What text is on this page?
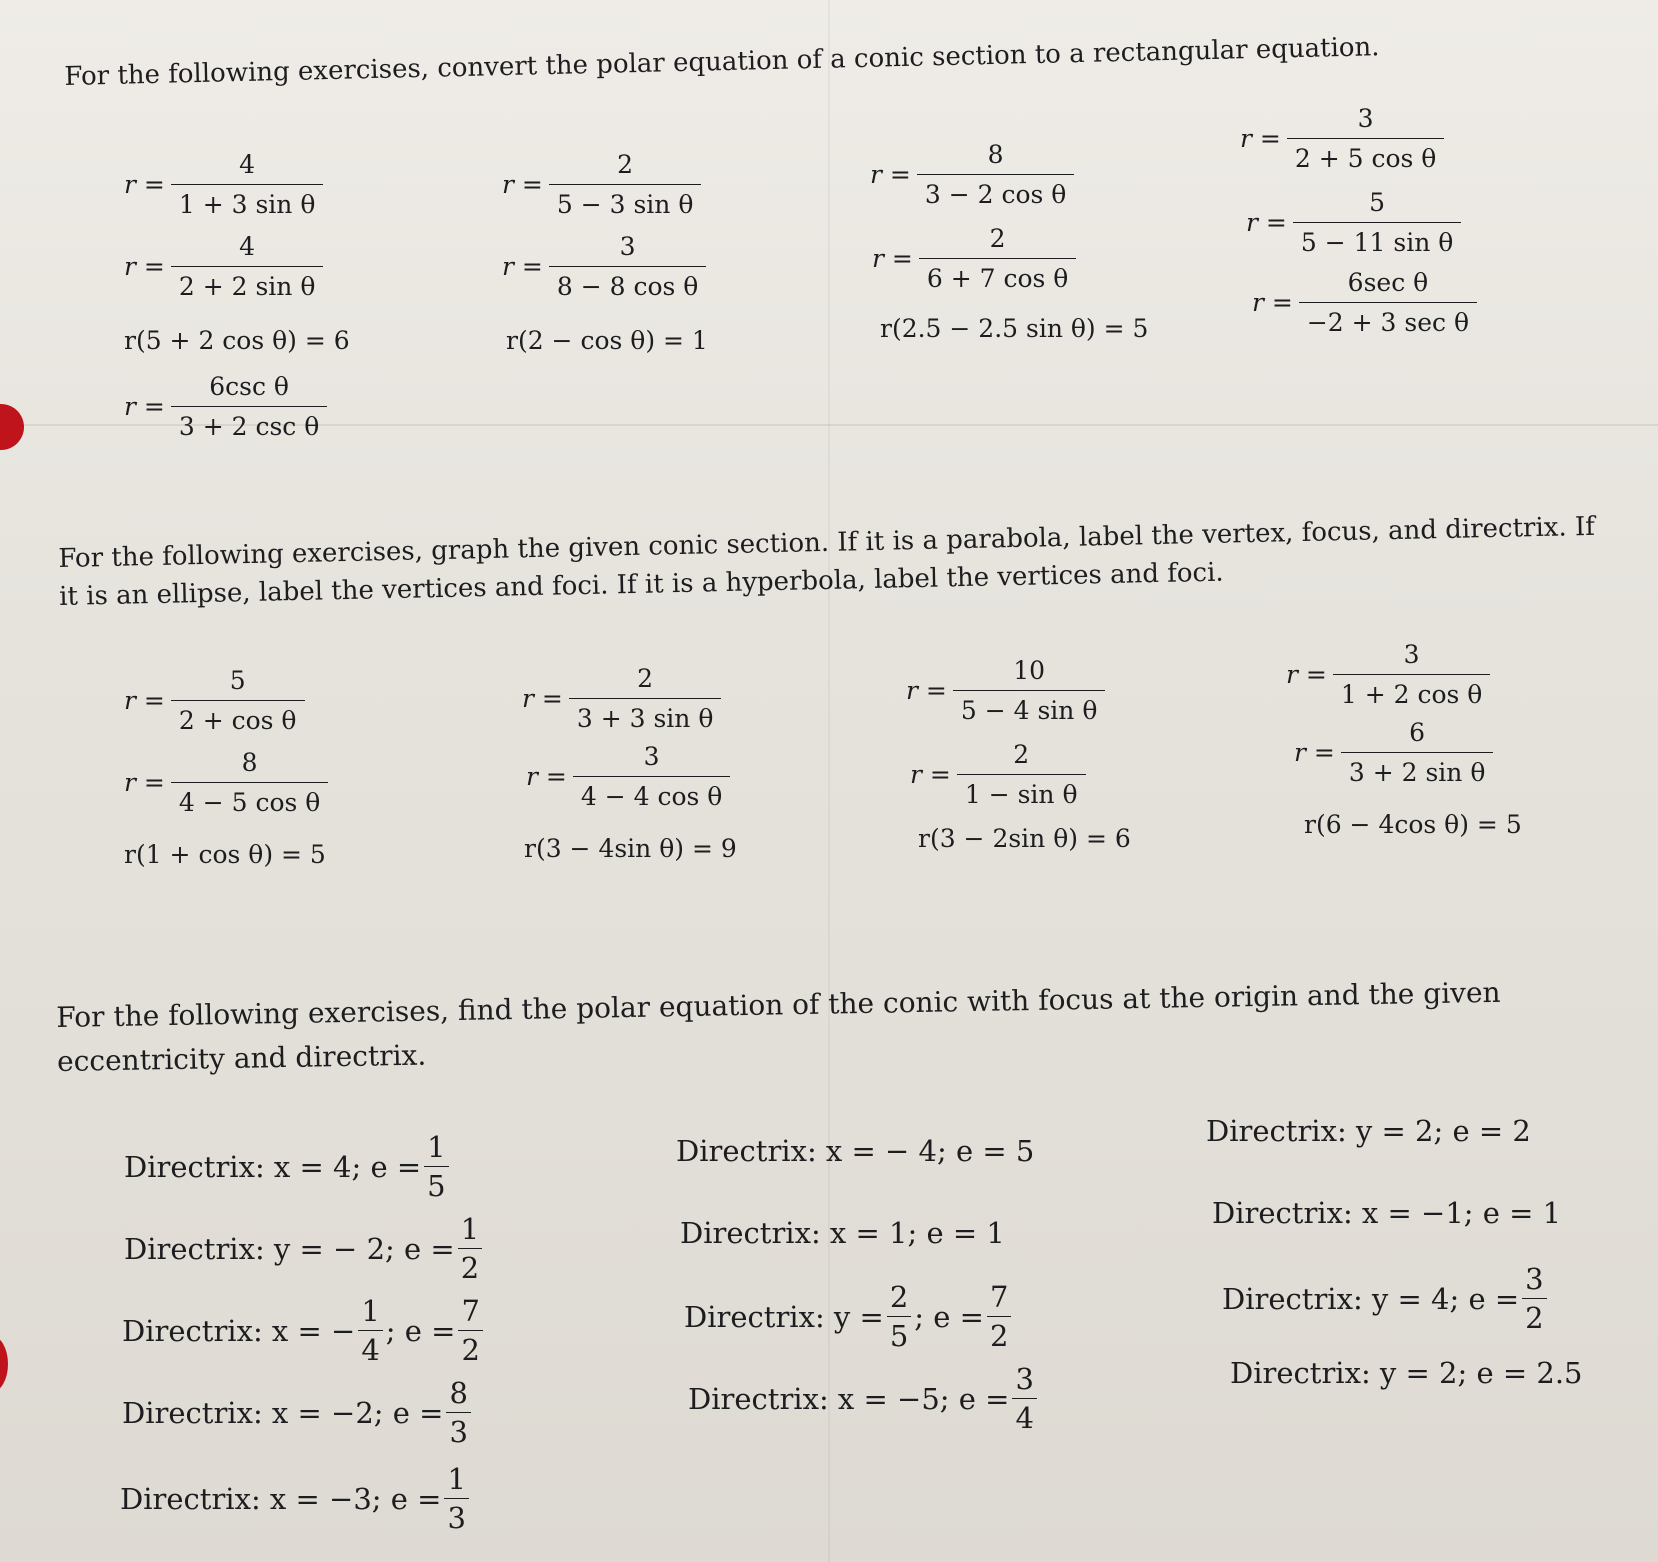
For the following exercises, convert the polar equation of a conic section to a rectangular equation.
$r = \frac{4}{\text{1 + 3 sin θ}}$	$r = \frac{2}{\text{5 − 3 sin θ}}$	$r = \frac{8}{\text{3 − 2 cos θ}}$
$r = \frac{3}{\text{2 + 5 cos θ}}$
$r = \frac{4}{\text{2 + 2 sin θ}}$	$r = \frac{3}{\text{8 − 8 cos θ}}$	$r = \frac{2}{\text{6 + 7 cos θ}}$
$r = \frac{5}{\text{5 − 11 sin θ}}$
r(5 + 2 cos θ) = 6	r(2 − cos θ) = 1	r(2.5 − 2.5 sin θ) = 5
$r = \frac{\text{6sec θ}}{\text{−2 + 3 sec θ}}$
$r = \frac{\text{6csc θ}}{\text{3 + 2 csc θ}}$
For the following exercises, graph the given conic section. If it is a parabola, label the vertex, focus, and directrix. If it is an ellipse, label the vertices and foci. If it is a hyperbola, label the vertices and foci.
$r = \frac{5}{\text{2 + cos θ}}$	$r = \frac{2}{\text{3 + 3 sin θ}}$	$r = \frac{10}{\text{5 − 4 sin θ}}$	$r = \frac{3}{\text{1 + 2 cos θ}}$
$r = \frac{8}{\text{4 − 5 cos θ}}$	$r = \frac{3}{\text{4 − 4 cos θ}}$	$r = \frac{2}{\text{1 − sin θ}}$	$r = \frac{6}{\text{3 + 2 sin θ}}$
r(1 + cos θ) = 5	r(3 − 4sin θ) = 9	r(3 − 2sin θ) = 6	r(6 − 4cos θ) = 5
For the following exercises, find the polar equation of the conic with focus at the origin and the given eccentricity and directrix.
Directrix: x = 4; $e = \frac{1}{5}$
Directrix: y = − 2; $e = \frac{1}{2}$
Directrix: x = − $\frac{1}{4}$ ; $e = \frac{7}{2}$
Directrix: x = −2; $e = \frac{8}{3}$
Directrix: x = −3; $e = \frac{1}{3}$
Directrix: x = − 4; e = 5
Directrix: x = 1; e = 1
Directrix: $y = \frac{2}{5}$ ; $e = \frac{7}{2}$
Directrix: x = −5; $e = \frac{3}{4}$
Directrix: y = 2; e = 2
Directrix: x = −1; e = 1
Directrix: y = 4; $e = \frac{3}{2}$
Directrix: y = 2; e = 2.5
